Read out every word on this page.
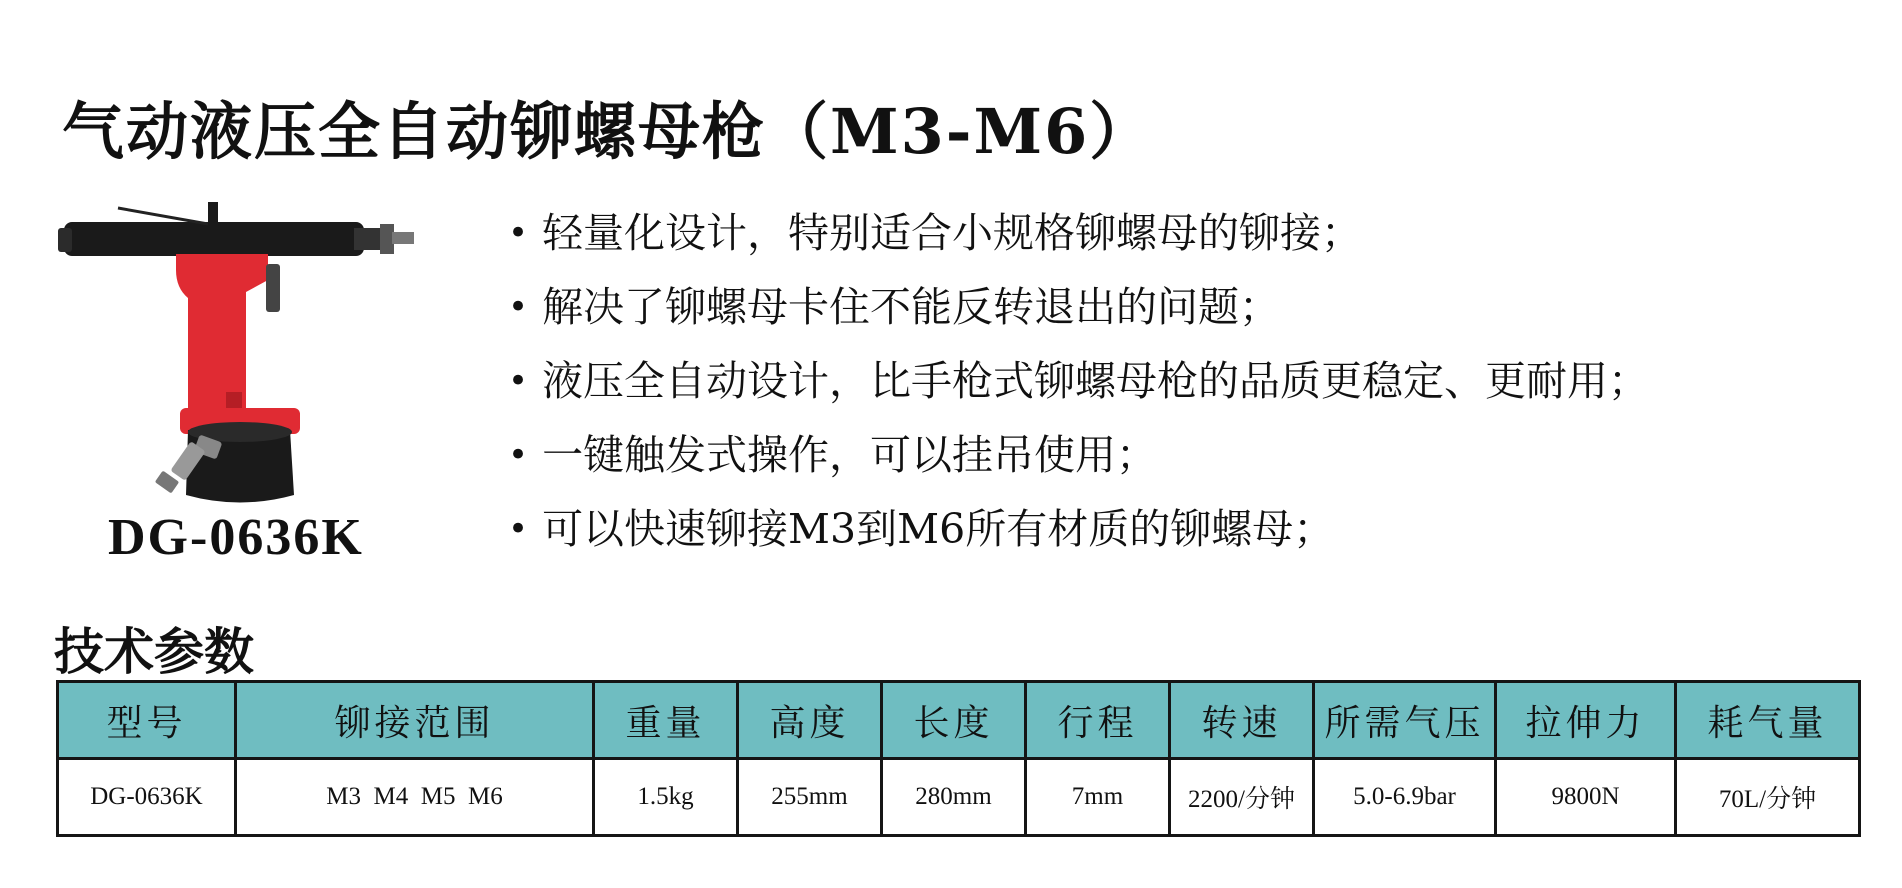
气动液压全自动铆螺母枪（M3-M6）
DG-0636K
• 轻量化设计，特别适合小规格铆螺母的铆接；
• 解决了铆螺母卡住不能反转退出的问题；
• 液压全自动设计，比手枪式铆螺母枪的品质更稳定、更耐用；
• 一键触发式操作，可以挂吊使用；
• 可以快速铆接M3到M6所有材质的铆螺母；
技术参数
型号	铆接范围	重量	高度	长度	行程	转速	所需气压	拉伸力	耗气量
DG-0636K	M3  M4  M5  M6	1.5kg	255mm	280mm	7mm	2200/分钟	5.0-6.9bar	9800N	70L/分钟
